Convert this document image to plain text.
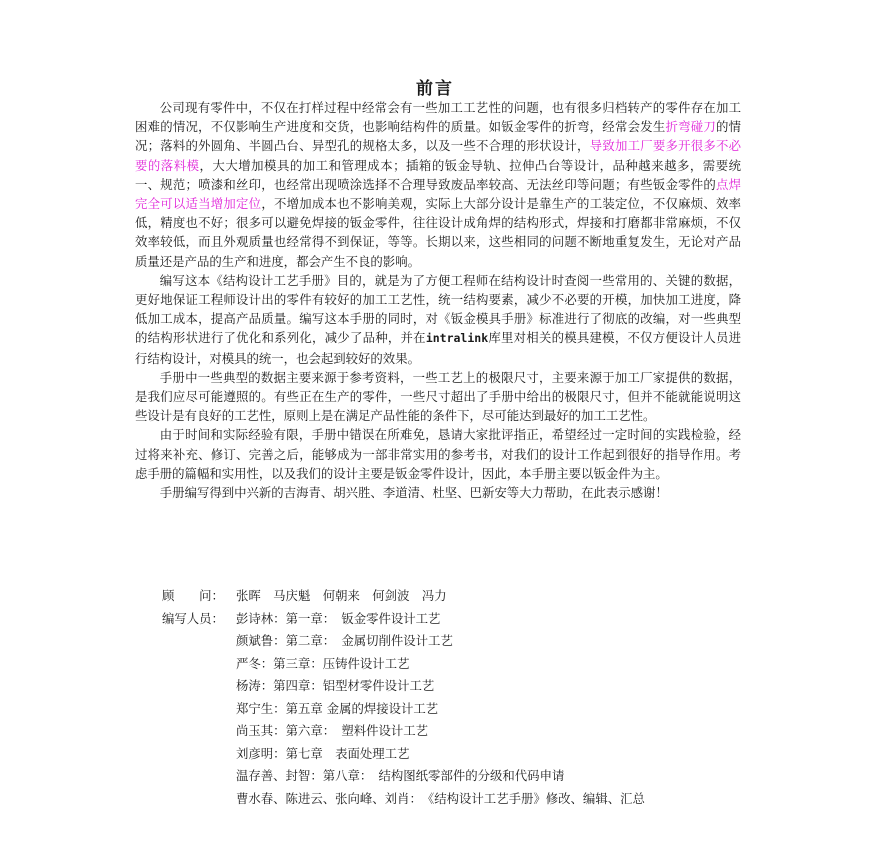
前言

公司现有零件中，不仅在打样过程中经常会有一些加工工艺性的问题，也有很多归档转产的零件存在加工困难的情况，不仅影响生产进度和交货，也影响结构件的质量。如钣金零件的折弯，经常会发生折弯碰刀的情况；落料的外圆角、半圆凸台、异型孔的规格太多，以及一些不合理的形状设计，导致加工厂要多开很多不必要的落料模，大大增加模具的加工和管理成本；插箱的钣金导轨、拉伸凸台等设计，品种越来越多，需要统一、规范；喷漆和丝印，也经常出现喷涂选择不合理导致废品率较高、无法丝印等问题；有些钣金零件的点焊完全可以适当增加定位，不增加成本也不影响美观，实际上大部分设计是靠生产的工装定位，不仅麻烦、效率低，精度也不好；很多可以避免焊接的钣金零件，往往设计成角焊的结构形式，焊接和打磨都非常麻烦，不仅效率较低，而且外观质量也经常得不到保证，等等。长期以来，这些相同的问题不断地重复发生，无论对产品质量还是产品的生产和进度，都会产生不良的影响。

编写这本《结构设计工艺手册》目的，就是为了方便工程师在结构设计时查阅一些常用的、关键的数据，更好地保证工程师设计出的零件有较好的加工工艺性，统一结构要素，减少不必要的开模，加快加工进度，降低加工成本，提高产品质量。编写这本手册的同时，对《钣金模具手册》标准进行了彻底的改编，对一些典型的结构形状进行了优化和系列化，减少了品种，并在intralink库里对相关的模具建模，不仅方便设计人员进行结构设计，对模具的统一，也会起到较好的效果。

手册中一些典型的数据主要来源于参考资料，一些工艺上的极限尺寸，主要来源于加工厂家提供的数据，是我们应尽可能遵照的。有些正在生产的零件，一些尺寸超出了手册中给出的极限尺寸，但并不能就能说明这些设计是有良好的工艺性，原则上是在满足产品性能的条件下，尽可能达到最好的加工工艺性。

由于时间和实际经验有限，手册中错误在所难免，恳请大家批评指正，希望经过一定时间的实践检验，经过将来补充、修订、完善之后，能够成为一部非常实用的参考书，对我们的设计工作起到很好的指导作用。考虑手册的篇幅和实用性，以及我们的设计主要是钣金零件设计，因此，本手册主要以钣金件为主。

手册编写得到中兴新的吉海青、胡兴胜、李道清、杜坚、巴新安等大力帮助，在此表示感谢！

顾　　问： 张晖　马庆魁　何朝来　何剑波　冯力
编写人员： 彭诗林：第一章：　钣金零件设计工艺
颜斌鲁：第二章：　金属切削件设计工艺
严冬：第三章：压铸件设计工艺
杨涛：第四章：铝型材零件设计工艺
郑宁生：第五章 金属的焊接设计工艺
尚玉其：第六章：　塑料件设计工艺
刘彦明：第七章　表面处理工艺
温存善、封智：第八章：　结构图纸零部件的分级和代码申请
曹水春、陈进云、张向峰、刘肖：《结构设计工艺手册》修改、编辑、汇总
